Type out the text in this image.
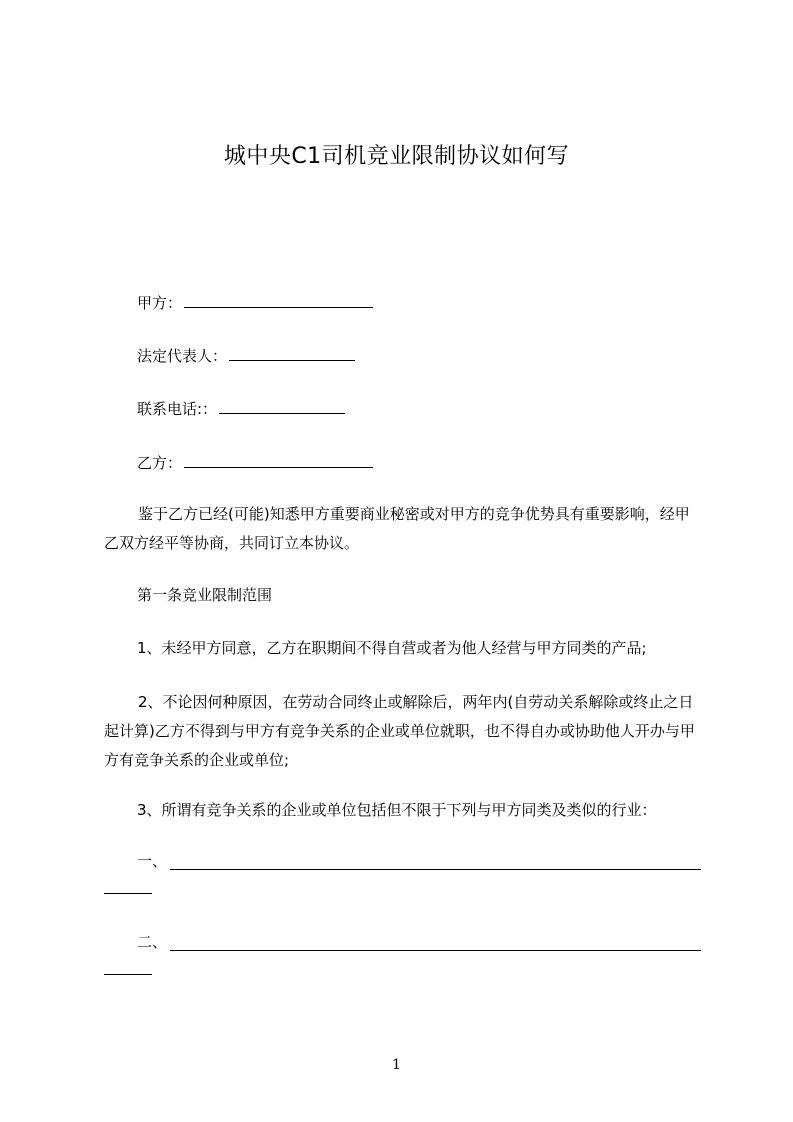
城中央C1司机竞业限制协议如何写
甲方：
法定代表人：
联系电话:：
乙方：

鉴于乙方已经(可能)知悉甲方重要商业秘密或对甲方的竞争优势具有重要影响，经甲乙双方经平等协商，共同订立本协议。

第一条竞业限制范围

1、未经甲方同意，乙方在职期间不得自营或者为他人经营与甲方同类的产品;

2、不论因何种原因，在劳动合同终止或解除后，两年内(自劳动关系解除或终止之日起计算)乙方不得到与甲方有竞争关系的企业或单位就职，也不得自办或协助他人开办与甲方有竞争关系的企业或单位;

3、所谓有竞争关系的企业或单位包括但不限于下列与甲方同类及类似的行业：

一、
二、
1
